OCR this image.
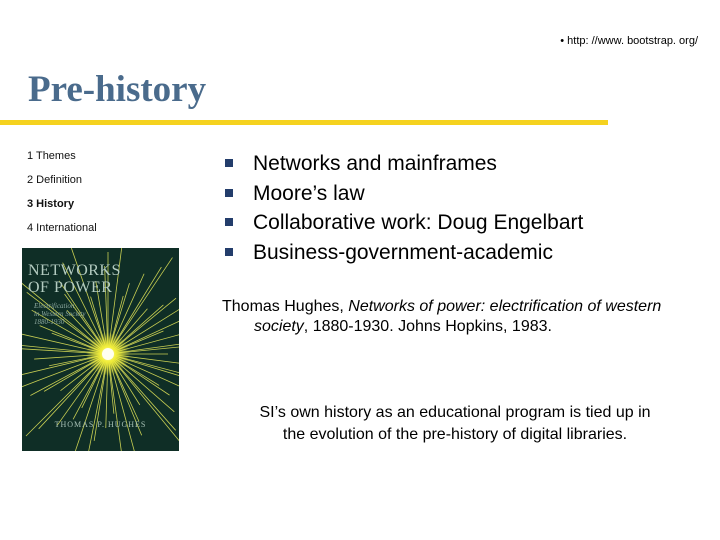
• http: //www. bootstrap. org/
Pre-history
1 Themes
2 Definition
3 History
4 International
NETWORKS
OF POWER
Electrification
in Western Society
1880-1930
THOMAS P. HUGHES
Networks and mainframes
Moore’s law
Collaborative work: Doug Engelbart
Business-government-academic

Thomas Hughes, Networks of power: electrification of western society, 1880-1930. Johns Hopkins, 1983.

SI’s own history as an educational program is tied up in
the evolution of the pre-history of digital libraries.
